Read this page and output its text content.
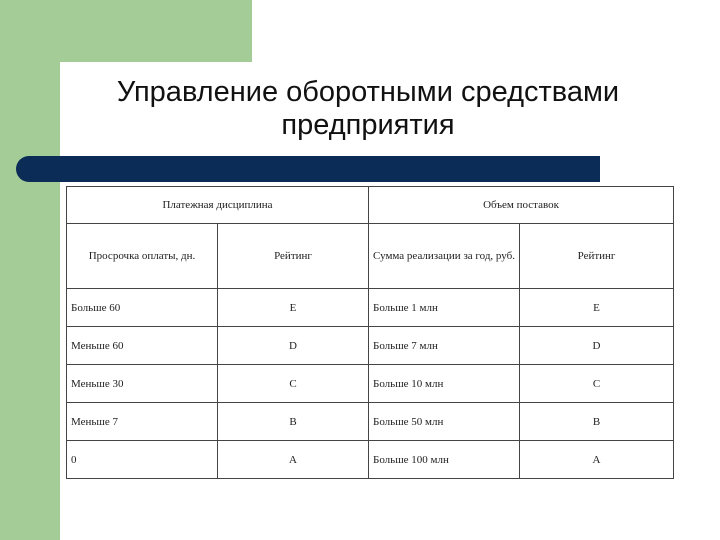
Управление оборотными средствами
предприятия
Платежная дисциплина		Объем поставок	
Просрочка оплаты, дн.	Рейтинг	Сумма реализации за год, руб.	Рейтинг
Больше 60	E	Больше 1 млн	E
Меньше 60	D	Больше 7 млн	D
Меньше 30	C	Больше 10 млн	C
Меньше 7	B	Больше 50 млн	B
0	A	Больше 100 млн	A
